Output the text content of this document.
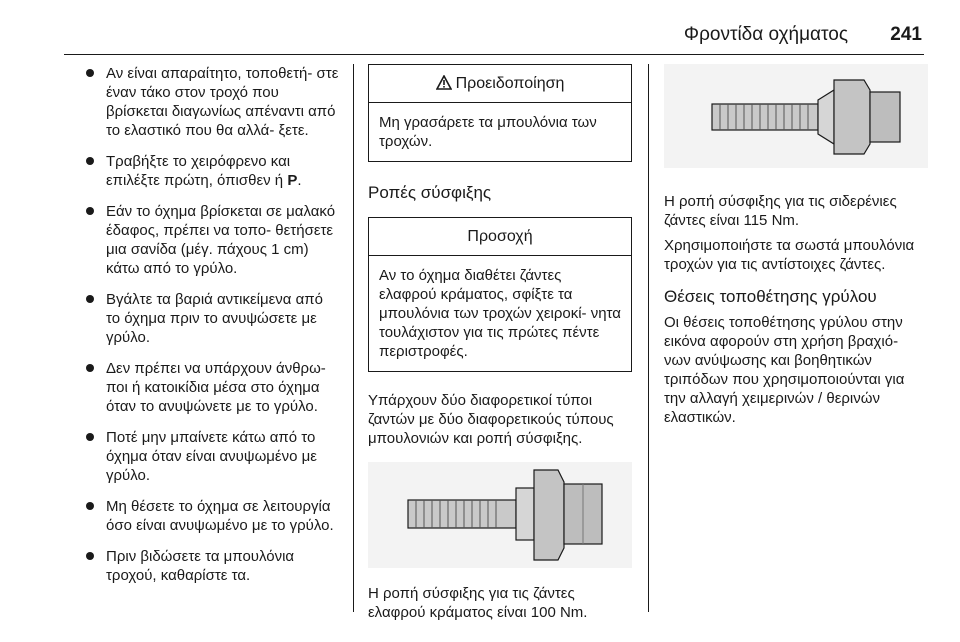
Φροντίδα οχήματος 241
Αν είναι απαραίτητο, τοποθετή‐ στε έναν τάκο στον τροχό που βρίσκεται διαγωνίως απέναντι από το ελαστικό που θα αλλά‐ ξετε.
Τραβήξτε το χειρόφρενο και επιλέξτε πρώτη, όπισθεν ή P.
Εάν το όχημα βρίσκεται σε μαλακό έδαφος, πρέπει να τοπο‐ θετήσετε μια σανίδα (μέγ. πάχους 1 cm) κάτω από το γρύλο.
Βγάλτε τα βαριά αντικείμενα από το όχημα πριν το ανυψώσετε με γρύλο.
Δεν πρέπει να υπάρχουν άνθρω‐ ποι ή κατοικίδια μέσα στο όχημα όταν το ανυψώνετε με το γρύλο.
Ποτέ μην μπαίνετε κάτω από το όχημα όταν είναι ανυψωμένο με γρύλο.
Μη θέσετε το όχημα σε λειτουργία όσο είναι ανυψωμένο με το γρύλο.
Πριν βιδώσετε τα μπουλόνια τροχού, καθαρίστε τα.
Προειδοποίηση
Μη γρασάρετε τα μπουλόνια των τροχών.
Ροπές σύσφιξης
Προσοχή
Αν το όχημα διαθέτει ζάντες ελαφρού κράματος, σφίξτε τα μπουλόνια των τροχών χειροκί‐ νητα τουλάχιστον για τις πρώτες πέντε περιστροφές.

Υπάρχουν δύο διαφορετικοί τύποι ζαντών με δύο διαφορετικούς τύπους μπουλονιών και ροπή σύσφιξης.

Η ροπή σύσφιξης για τις ζάντες ελαφρού κράματος είναι 100 Nm.

Η ροπή σύσφιξης για τις σιδερένιες ζάντες είναι 115 Nm.

Χρησιμοποιήστε τα σωστά μπουλόνια τροχών για τις αντίστοιχες ζάντες.

Θέσεις τοποθέτησης γρύλου

Οι θέσεις τοποθέτησης γρύλου στην εικόνα αφορούν στη χρήση βραχιό‐ νων ανύψωσης και βοηθητικών τριπόδων που χρησιμοποιούνται για την αλλαγή χειμερινών / θερινών ελαστικών.
